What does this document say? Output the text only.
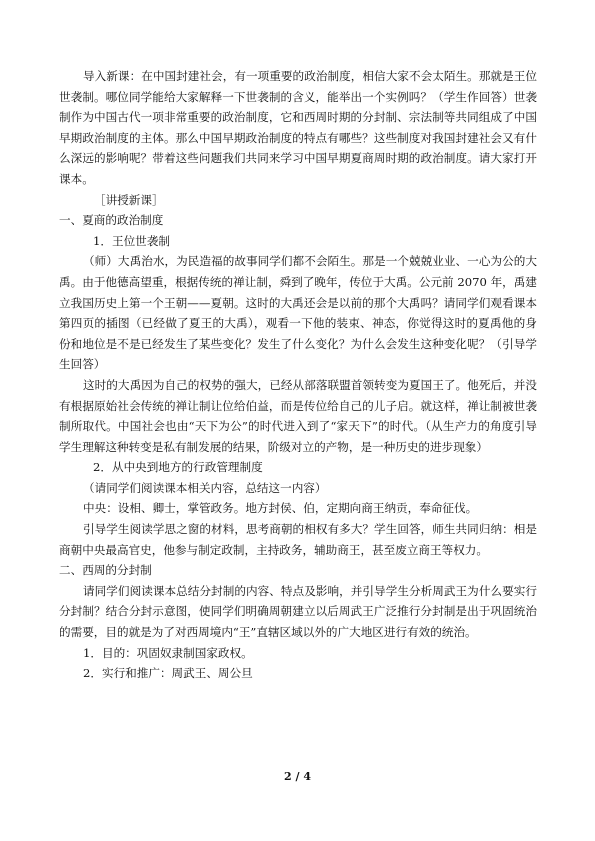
导入新课：在中国封建社会，有一项重要的政治制度，相信大家不会太陌生。那就是王位世袭制。哪位同学能给大家解释一下世袭制的含义，能举出一个实例吗？（学生作回答）世袭制作为中国古代一项非常重要的政治制度，它和西周时期的分封制、宗法制等共同组成了中国早期政治制度的主体。那么中国早期政治制度的特点有哪些？这些制度对我国封建社会又有什么深远的影响呢？带着这些问题我们共同来学习中国早期夏商周时期的政治制度。请大家打开课本。

［讲授新课］

一、夏商的政治制度

1．王位世袭制

（师）大禹治水，为民造福的故事同学们都不会陌生。那是一个兢兢业业、一心为公的大禹。由于他德高望重，根据传统的禅让制，舜到了晚年，传位于大禹。公元前 2070 年，禹建立我国历史上第一个王朝——夏朝。这时的大禹还会是以前的那个大禹吗？请同学们观看课本第四页的插图（已经做了夏王的大禹），观看一下他的装束、神态，你觉得这时的夏禹他的身份和地位是不是已经发生了某些变化？发生了什么变化？为什么会发生这种变化呢？（引导学生回答）

这时的大禹因为自己的权势的强大，已经从部落联盟首领转变为夏国王了。他死后，并没有根据原始社会传统的禅让制让位给伯益，而是传位给自己的儿子启。就这样，禅让制被世袭制所取代。中国社会也由“天下为公”的时代进入到了“家天下”的时代。（从生产力的角度引导学生理解这种转变是私有制发展的结果，阶级对立的产物，是一种历史的进步现象）

2．从中央到地方的行政管理制度

（请同学们阅读课本相关内容，总结这一内容）

中央：设相、卿士，掌管政务。地方封侯、伯，定期向商王纳贡，奉命征伐。

引导学生阅读学思之窗的材料，思考商朝的相权有多大？学生回答，师生共同归纳：相是商朝中央最高官史，他参与制定政制，主持政务，辅助商王，甚至废立商王等权力。

二、西周的分封制

请同学们阅读课本总结分封制的内容、特点及影响，并引导学生分析周武王为什么要实行分封制？结合分封示意图，使同学们明确周朝建立以后周武王广泛推行分封制是出于巩固统治的需要，目的就是为了对西周境内“王”直辖区域以外的广大地区进行有效的统治。

1．目的：巩固奴隶制国家政权。

2．实行和推广：周武王、周公旦

2 / 4
